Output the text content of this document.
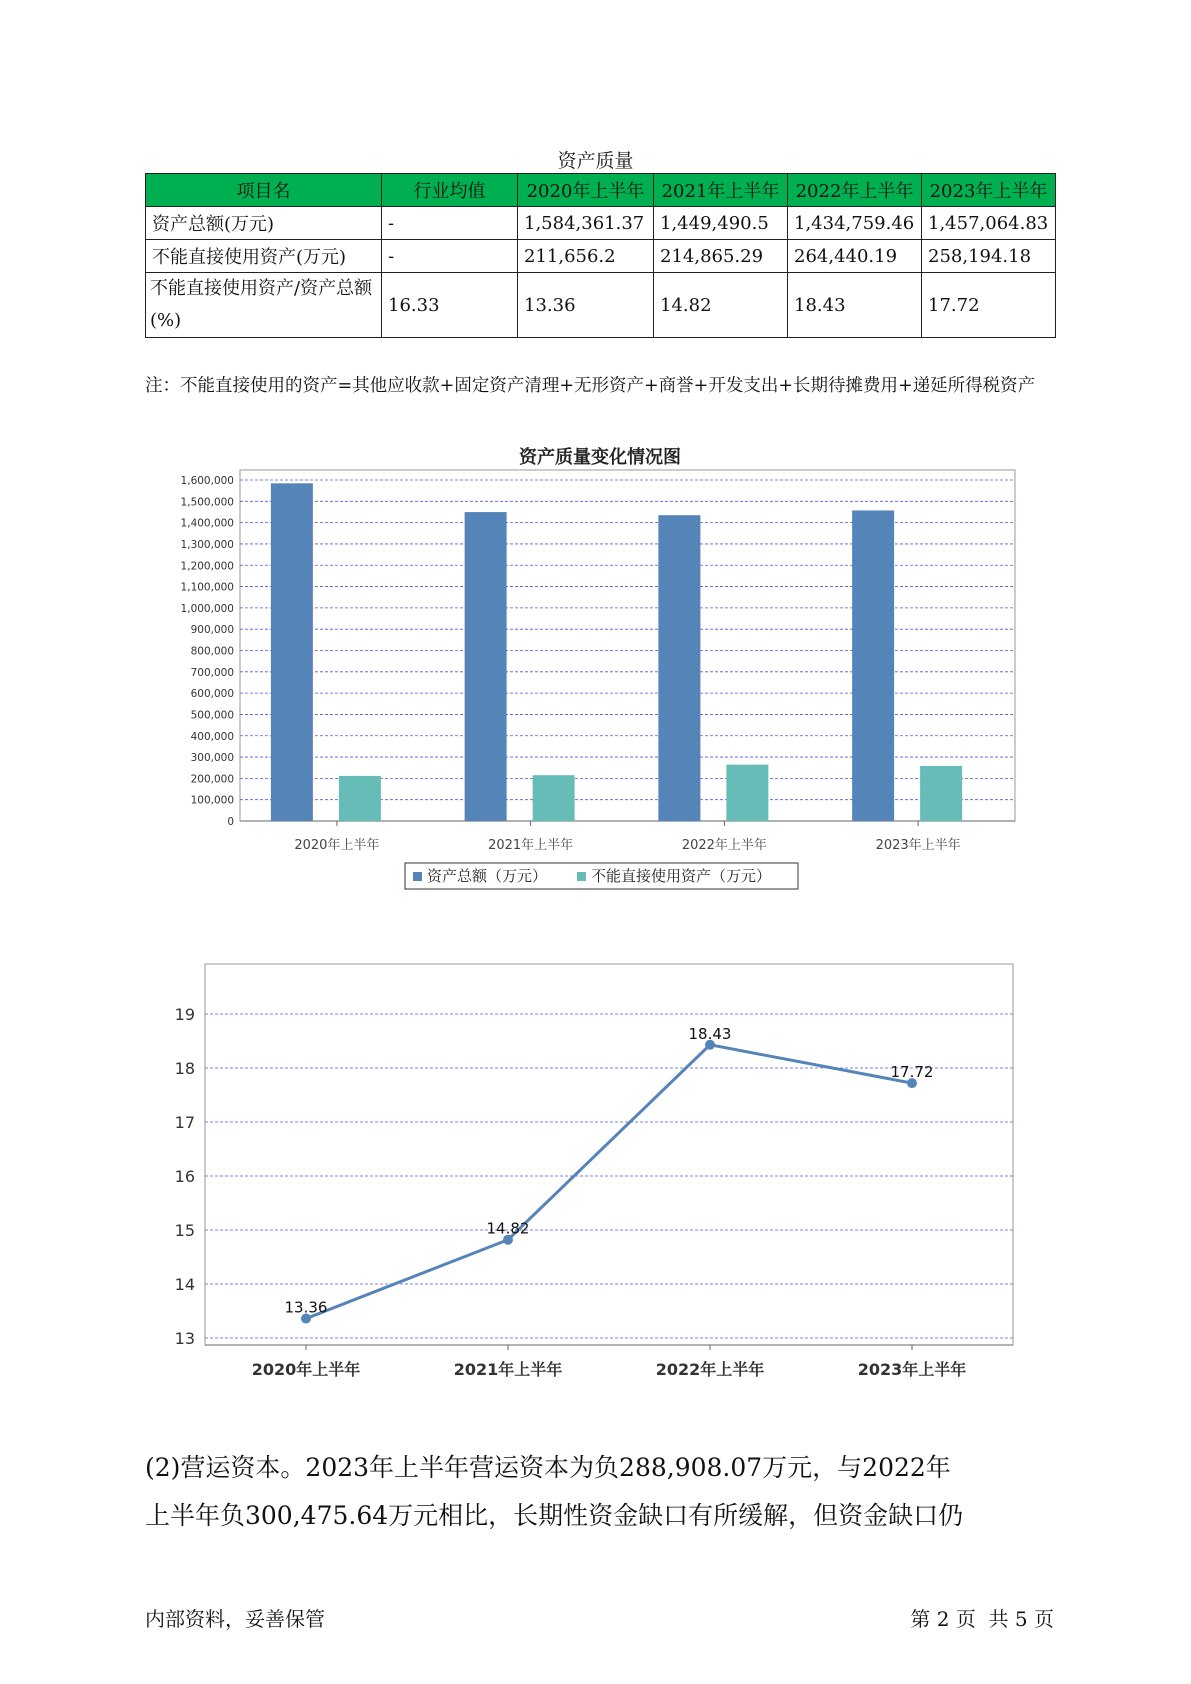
资产质量
项目名	行业均值	2020年上半年	2021年上半年	2022年上半年	2023年上半年
资产总额(万元)	-	1,584,361.37	1,449,490.5	1,434,759.46	1,457,064.83
不能直接使用资产(万元)	-	211,656.2	214,865.29	264,440.19	258,194.18
不能直接使用资产/资产总额(%)	16.33	13.36	14.82	18.43	17.72
注：不能直接使用的资产=其他应收款+固定资产清理+无形资产+商誉+开发支出+长期待摊费用+递延所得税资产
资产质量变化情况图
0
100,000
200,000
300,000
400,000
500,000
600,000
700,000
800,000
900,000
1,000,000
1,100,000
1,200,000
1,300,000
1,400,000
1,500,000
1,600,000
2020年上半年	2021年上半年	2022年上半年	2023年上半年
资产总额（万元）	不能直接使用资产（万元）
13
14
15
16
17
18
19
13.36
14.82
18.43
17.72
2020年上半年	2021年上半年	2022年上半年	2023年上半年
(2)营运资本。2023年上半年营运资本为负288,908.07万元，与2022年
上半年负300,475.64万元相比，长期性资金缺口有所缓解，但资金缺口仍
内部资料，妥善保管	第 2 页  共 5 页
